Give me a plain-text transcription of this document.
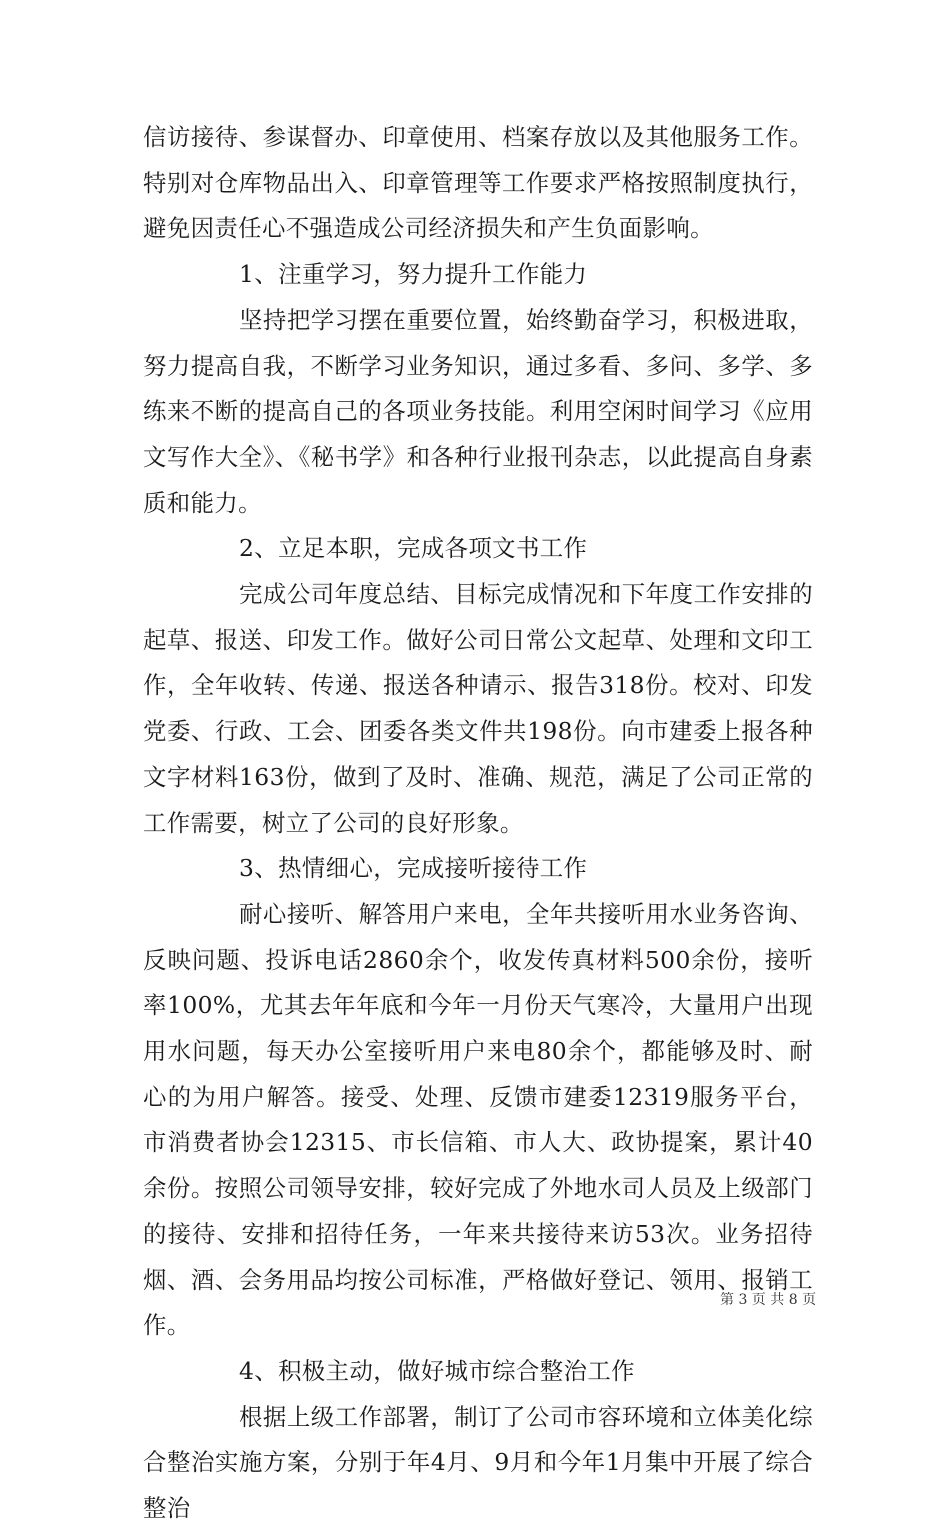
信访接待、参谋督办、印章使用、档案存放以及其他服务工作。特别对仓库物品出入、印章管理等工作要求严格按照制度执行，避免因责任心不强造成公司经济损失和产生负面影响。

1、注重学习，努力提升工作能力

坚持把学习摆在重要位置，始终勤奋学习，积极进取，努力提高自我，不断学习业务知识，通过多看、多问、多学、多练来不断的提高自己的各项业务技能。利用空闲时间学习《应用文写作大全》、《秘书学》和各种行业报刊杂志，以此提高自身素质和能力。

2、立足本职，完成各项文书工作

完成公司年度总结、目标完成情况和下年度工作安排的起草、报送、印发工作。做好公司日常公文起草、处理和文印工作，全年收转、传递、报送各种请示、报告318份。校对、印发党委、行政、工会、团委各类文件共198份。向市建委上报各种文字材料163份，做到了及时、准确、规范，满足了公司正常的工作需要，树立了公司的良好形象。

3、热情细心，完成接听接待工作

耐心接听、解答用户来电，全年共接听用水业务咨询、反映问题、投诉电话2860余个，收发传真材料500余份，接听率100%，尤其去年年底和今年一月份天气寒冷，大量用户出现用水问题，每天办公室接听用户来电80余个，都能够及时、耐心的为用户解答。接受、处理、反馈市建委12319服务平台，市消费者协会12315、市长信箱、市人大、政协提案，累计40余份。按照公司领导安排，较好完成了外地水司人员及上级部门的接待、安排和招待任务，一年来共接待来访53次。业务招待烟、酒、会务用品均按公司标准，严格做好登记、领用、报销工作。

4、积极主动，做好城市综合整治工作

根据上级工作部署，制订了公司市容环境和立体美化综合整治实施方案，分别于年4月、9月和今年1月集中开展了综合整治

第 3 页 共 8 页
